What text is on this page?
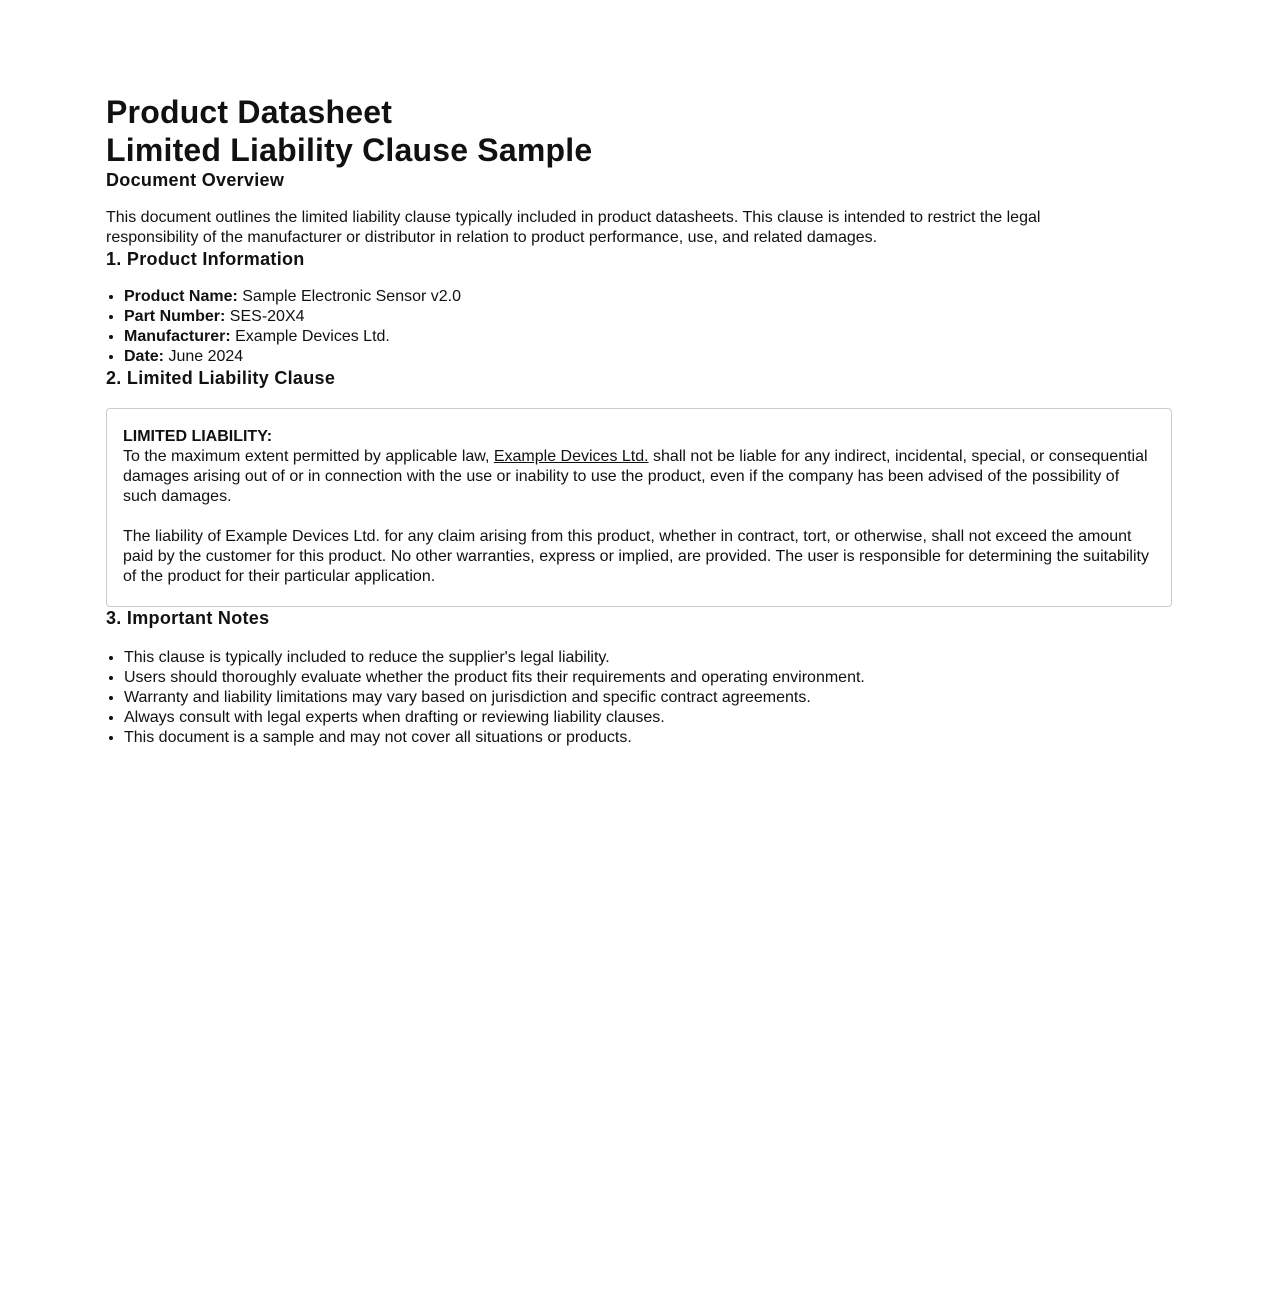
Product Datasheet
Limited Liability Clause Sample
Document Overview

This document outlines the limited liability clause typically included in product datasheets. This clause is intended to restrict the legal responsibility of the manufacturer or distributor in relation to product performance, use, and related damages.

1. Product Information
• Product Name: Sample Electronic Sensor v2.0
• Part Number: SES-20X4
• Manufacturer: Example Devices Ltd.
• Date: June 2024
2. Limited Liability Clause
LIMITED LIABILITY:

To the maximum extent permitted by applicable law, Example Devices Ltd. shall not be liable for any indirect, incidental, special, or consequential damages arising out of or in connection with the use or inability to use the product, even if the company has been advised of the possibility of such damages.

The liability of Example Devices Ltd. for any claim arising from this product, whether in contract, tort, or otherwise, shall not exceed the amount paid by the customer for this product. No other warranties, express or implied, are provided. The user is responsible for determining the suitability of the product for their particular application.

3. Important Notes
• This clause is typically included to reduce the supplier's legal liability.
• Users should thoroughly evaluate whether the product fits their requirements and operating environment.
• Warranty and liability limitations may vary based on jurisdiction and specific contract agreements.
• Always consult with legal experts when drafting or reviewing liability clauses.
• This document is a sample and may not cover all situations or products.
